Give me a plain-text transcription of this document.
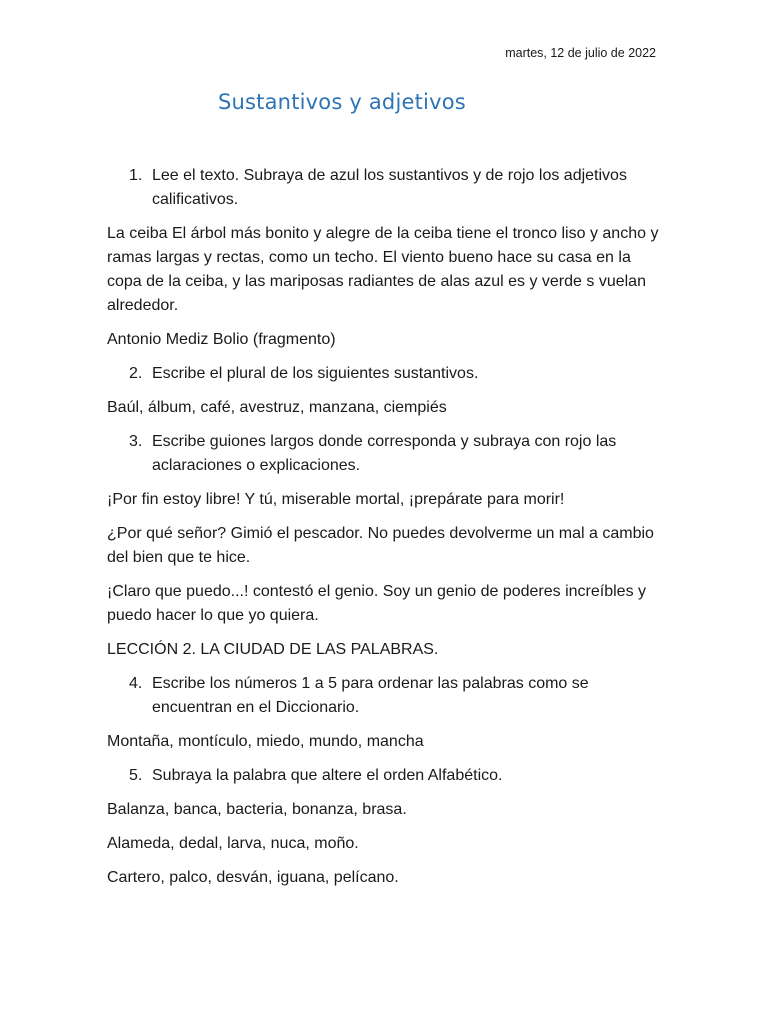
martes, 12 de julio de 2022
Sustantivos y adjetivos
1. Lee el texto. Subraya de azul los sustantivos y de rojo los adjetivos calificativos.

La ceiba El árbol más bonito y alegre de la ceiba tiene el tronco liso y ancho y ramas largas y rectas, como un techo. El viento bueno hace su casa en la copa de la ceiba, y las mariposas radiantes de alas azul es y verde s vuelan alrededor.

Antonio Mediz Bolio (fragmento)

2. Escribe el plural de los siguientes sustantivos.

Baúl, álbum, café, avestruz, manzana, ciempiés

3. Escribe guiones largos donde corresponda y subraya con rojo las aclaraciones o explicaciones.

¡Por fin estoy libre! Y tú, miserable mortal, ¡prepárate para morir!

¿Por qué señor? Gimió el pescador. No puedes devolverme un mal a cambio del bien que te hice.

¡Claro que puedo...! contestó el genio. Soy un genio de poderes increíbles y puedo hacer lo que yo quiera.

LECCIÓN 2. LA CIUDAD DE LAS PALABRAS.

4. Escribe los números 1 a 5 para ordenar las palabras como se encuentran en el Diccionario.

Montaña, montículo, miedo, mundo, mancha

5. Subraya la palabra que altere el orden Alfabético.

Balanza, banca, bacteria, bonanza, brasa.

Alameda, dedal, larva, nuca, moño.

Cartero, palco, desván, iguana, pelícano.
